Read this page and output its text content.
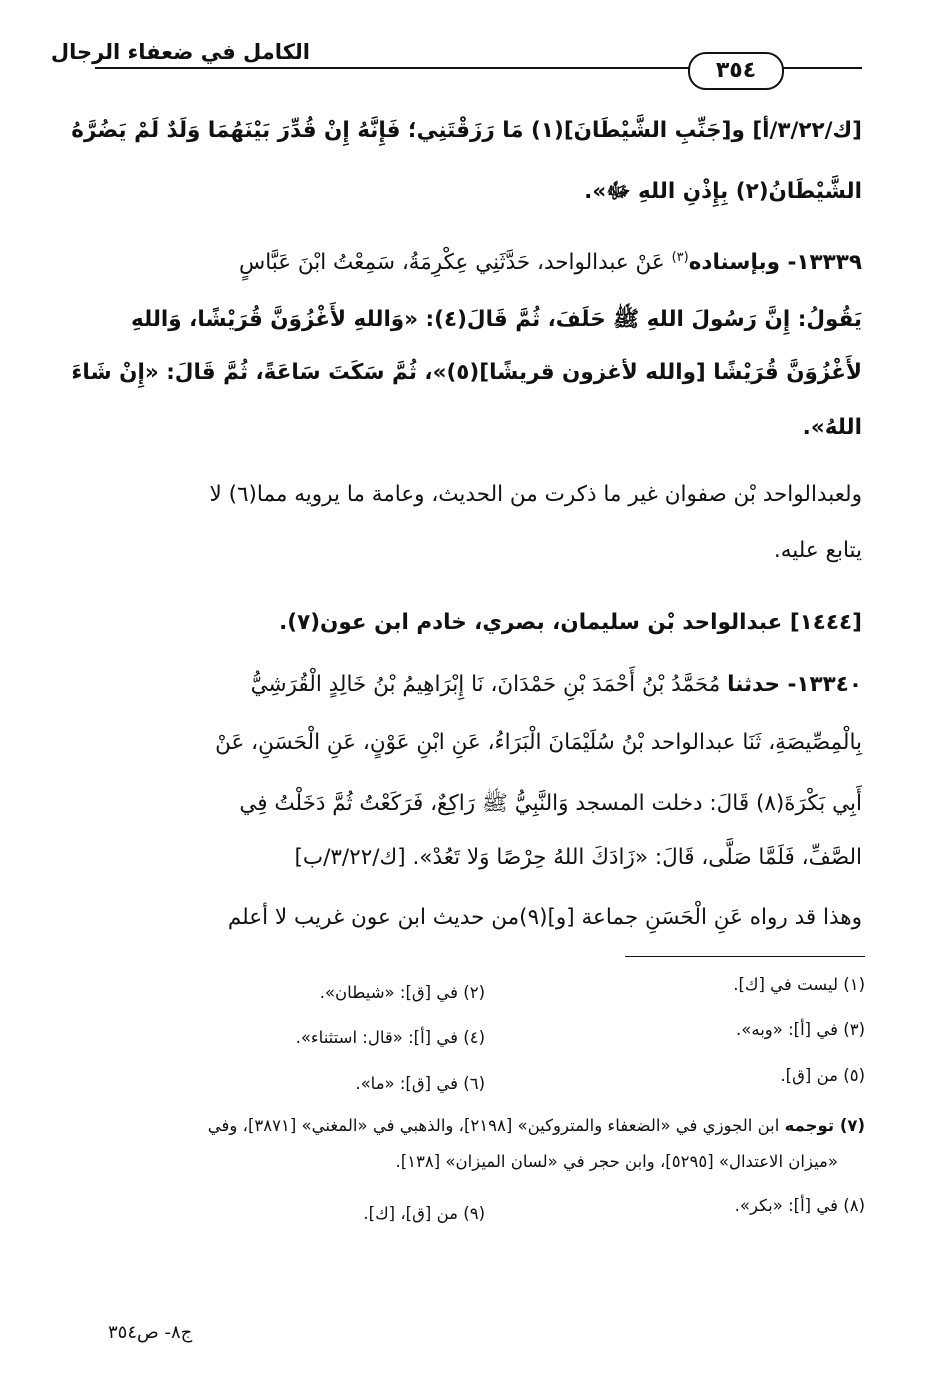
الكامل في ضعفاء الرجال
٣٥٤
[ك/٣/٢٢/أ] و[جَنِّبِ الشَّيْطَانَ](١) مَا رَزَقْتَنِي؛ فَإِنَّهُ إِنْ قُدِّرَ بَيْنَهُمَا وَلَدٌ لَمْ يَضُرَّهُ
الشَّيْطَانُ(٢) بِإِذْنِ اللهِ ﷻ».
١٣٣٣٩- وبإسناده$^{(٣)}$ عَنْ عبدالواحد، حَدَّثَنِي عِكْرِمَةُ، سَمِعْتُ ابْنَ عَبَّاسٍ
يَقُولُ: إِنَّ رَسُولَ اللهِ ﷺ حَلَفَ، ثُمَّ قَالَ(٤): «وَاللهِ لأَغْزُوَنَّ قُرَيْشًا، وَاللهِ
لأَغْزُوَنَّ قُرَيْشًا [والله لأغزون قريشًا](٥)»، ثُمَّ سَكَتَ سَاعَةً، ثُمَّ قَالَ: «إِنْ شَاءَ
اللهُ».
ولعبدالواحد بْن صفوان غير ما ذكرت من الحديث، وعامة ما يرويه مما(٦) لا
يتابع عليه.
[١٤٤٤] عبدالواحد بْن سليمان، بصري، خادم ابن عون(٧).
١٣٣٤٠- حدثنا مُحَمَّدُ بْنُ أَحْمَدَ بْنِ حَمْدَانَ، نَا إِبْرَاهِيمُ بْنُ خَالِدٍ الْقُرَشِيُّ
بِالْمِصِّيصَةِ، ثَنَا عبدالواحد بْنُ سُلَيْمَانَ الْبَرَاءُ، عَنِ ابْنِ عَوْنٍ، عَنِ الْحَسَنِ، عَنْ
أَبِي بَكْرَةَ(٨) قَالَ: دخلت المسجد وَالنَّبِيُّ ﷺ رَاكِعٌ، فَرَكَعْتُ ثُمَّ دَخَلْتُ فِي
الصَّفِّ، فَلَمَّا صَلَّى، قَالَ: «زَادَكَ اللهُ حِرْصًا وَلا تَعُدْ». [ك/٣/٢٢/ب]
وهذا قد رواه عَنِ الْحَسَنِ جماعة [و](٩)من حديث ابن عون غريب لا أعلم
(١) ليست في [ك].
(٢) في [ق]: «شيطان».
(٣) في [أ]: «وبه».
(٤) في [أ]: «قال: استثناء».
(٥) من [ق].
(٦) في [ق]: «ما».
(٧) توجمه ابن الجوزي في «الضعفاء والمتروكين» [٢١٩٨]، والذهبي في «المغني» [٣٨٧١]، وفي
«ميزان الاعتدال» [٥٢٩٥]، وابن حجر في «لسان الميزان» [١٣٨].
(٨) في [أ]: «بكر».
(٩) من [ق]، [ك].
ج٨- ص٣٥٤
